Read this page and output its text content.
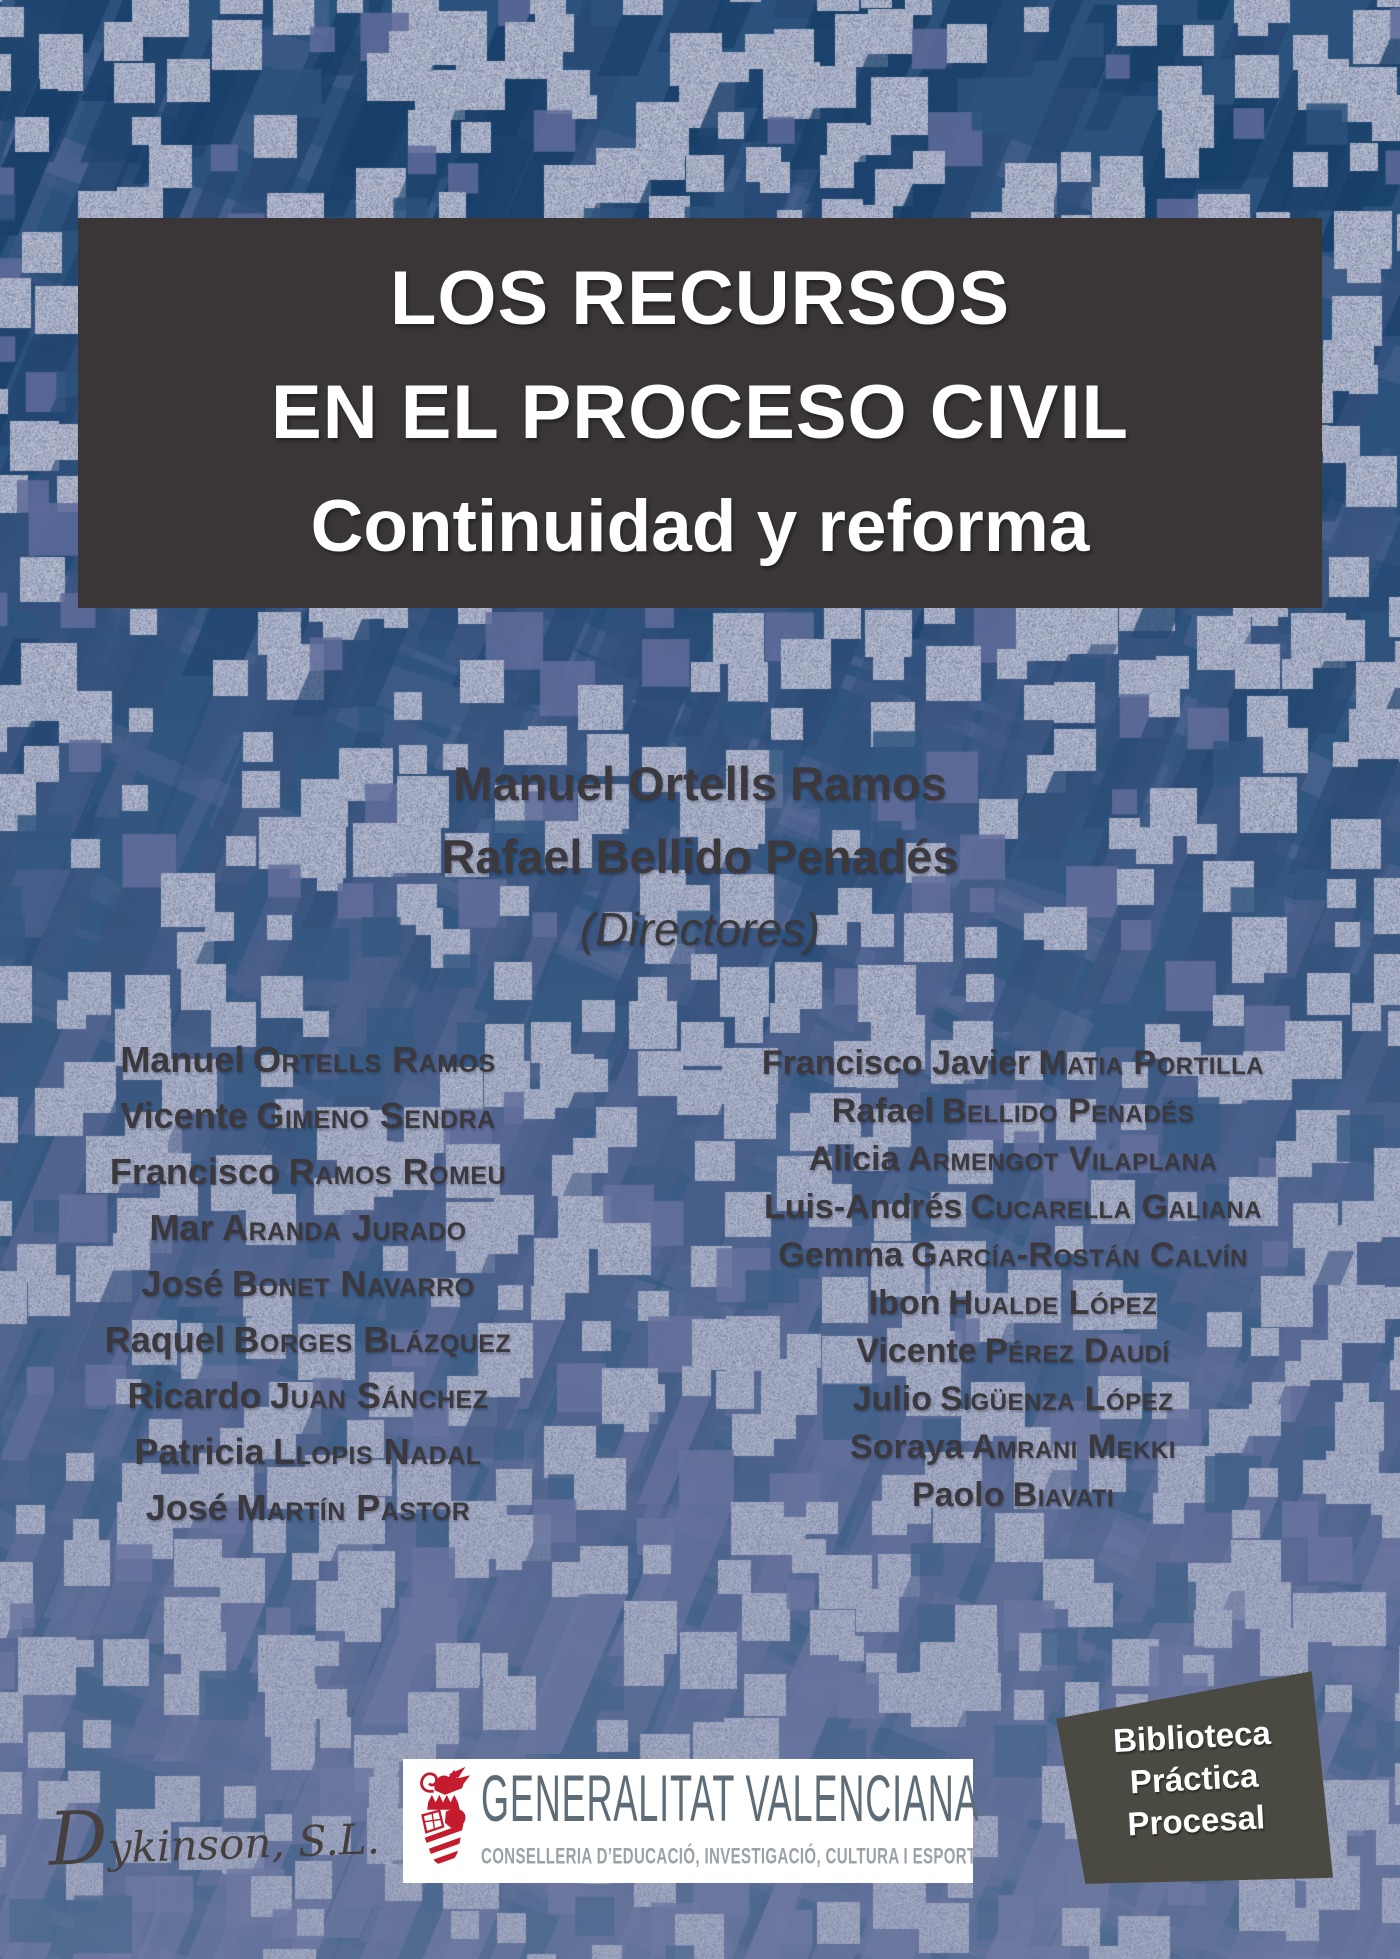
LOS RECURSOS
EN EL PROCESO CIVIL
Continuidad y reforma
Manuel Ortells Ramos
Rafael Bellido Penadés
(Directores)
Manuel Ortells Ramos
Vicente Gimeno Sendra
Francisco Ramos Romeu
Mar Aranda Jurado
José Bonet Navarro
Raquel Borges Blázquez
Ricardo Juan Sánchez
Patricia Llopis Nadal
José Martín Pastor
Francisco Javier Matia Portilla
Rafael Bellido Penadés
Alicia Armengot Vilaplana
Luis-Andrés Cucarella Galiana
Gemma García-Rostán Calvín
Ibon Hualde López
Vicente Pérez Daudí
Julio Sigüenza López
Soraya Amrani Mekki
Paolo Biavati
Dykinson, S.L.
GENERALITAT VALENCIANA
CONSELLERIA D’EDUCACIÓ, INVESTIGACIÓ, CULTURA I ESPORT
Biblioteca
Práctica
Procesal
